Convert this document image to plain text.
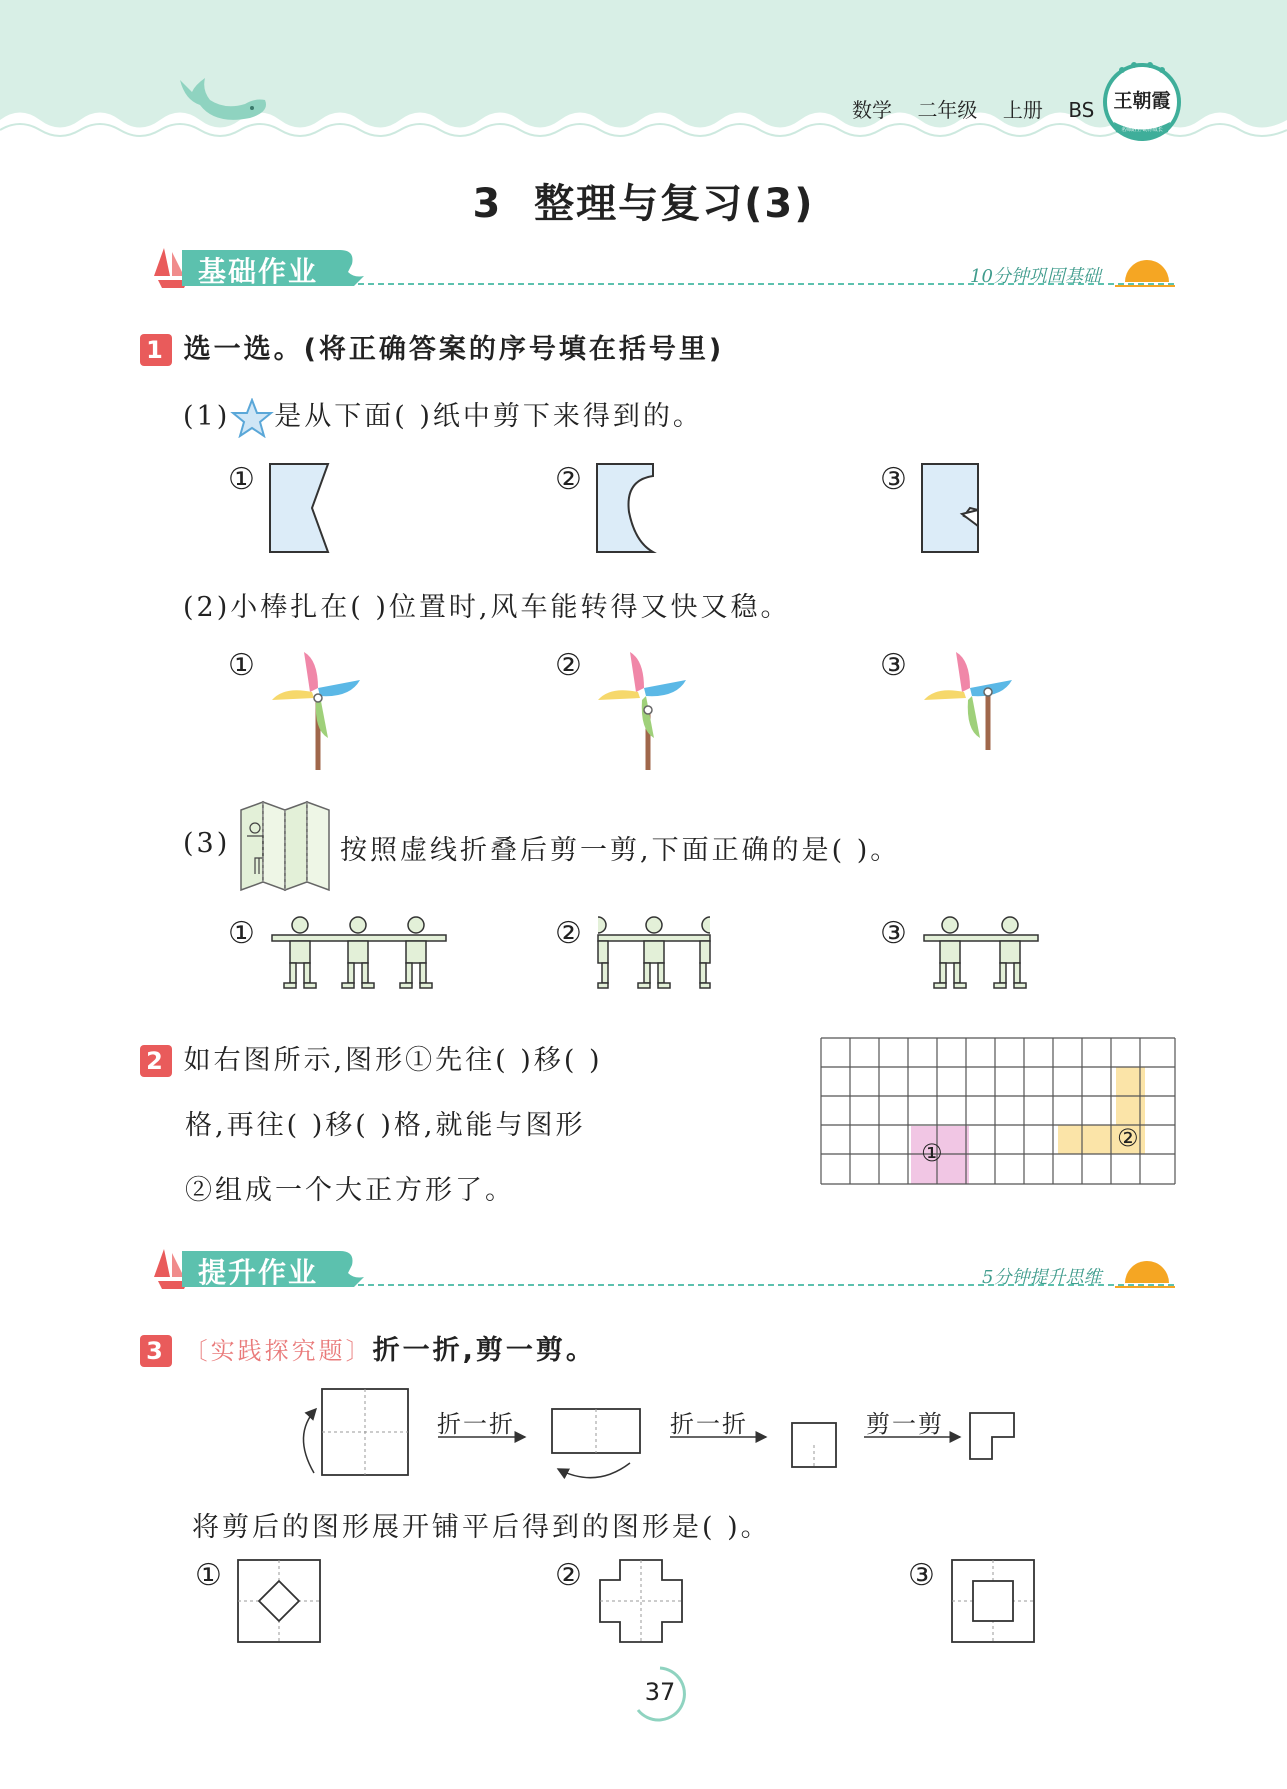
数学 二年级 上册 BS	王朝霞
名师路上 助你成长
3  整理与复习(3)
基础作业	10分钟巩固基础
1 选一选。(将正确答案的序号填在括号里)
(1) 是从下面( )纸中剪下来得到的。
①	②	③
(2)小棒扎在( )位置时,风车能转得又快又稳。
①	②	③
(3)	按照虚线折叠后剪一剪,下面正确的是( )。
①	②	③
2 如右图所示,图形①先往( )移( )
格,再往( )移( )格,就能与图形
②组成一个大正方形了。
①
②
提升作业	5分钟提升思维
3 〔实践探究题〕折一折,剪一剪。
折一折	折一折	剪一剪
将剪后的图形展开铺平后得到的图形是( )。
①	②	③
37
